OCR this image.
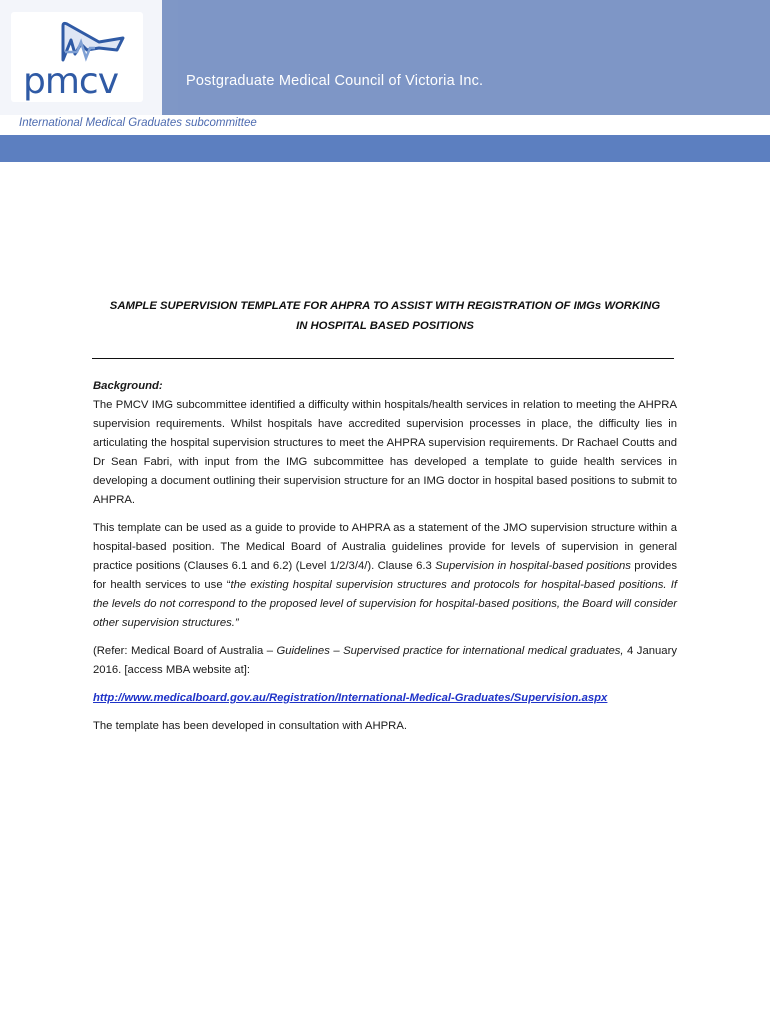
pmcv	Postgraduate Medical Council of Victoria Inc.
International Medical Graduates subcommittee
SAMPLE SUPERVISION TEMPLATE FOR AHPRA TO ASSIST WITH REGISTRATION OF IMGs WORKING
IN HOSPITAL BASED POSITIONS

Background:

The PMCV IMG subcommittee identified a difficulty within hospitals/health services in relation to meeting the AHPRA supervision requirements. Whilst hospitals have accredited supervision processes in place, the difficulty lies in articulating the hospital supervision structures to meet the AHPRA supervision requirements. Dr Rachael Coutts and Dr Sean Fabri, with input from the IMG subcommittee has developed a template to guide health services in developing a document outlining their supervision structure for an IMG doctor in hospital based positions to submit to AHPRA.

This template can be used as a guide to provide to AHPRA as a statement of the JMO supervision structure within a hospital-based position. The Medical Board of Australia guidelines provide for levels of supervision in general practice positions (Clauses 6.1 and 6.2) (Level 1/2/3/4/). Clause 6.3 Supervision in hospital-based positions provides for health services to use “the existing hospital supervision structures and protocols for hospital-based positions. If the levels do not correspond to the proposed level of supervision for hospital-based positions, the Board will consider other supervision structures.”

(Refer: Medical Board of Australia – Guidelines – Supervised practice for international medical graduates, 4 January 2016. [access MBA website at]:

http://www.medicalboard.gov.au/Registration/International-Medical-Graduates/Supervision.aspx

The template has been developed in consultation with AHPRA.
